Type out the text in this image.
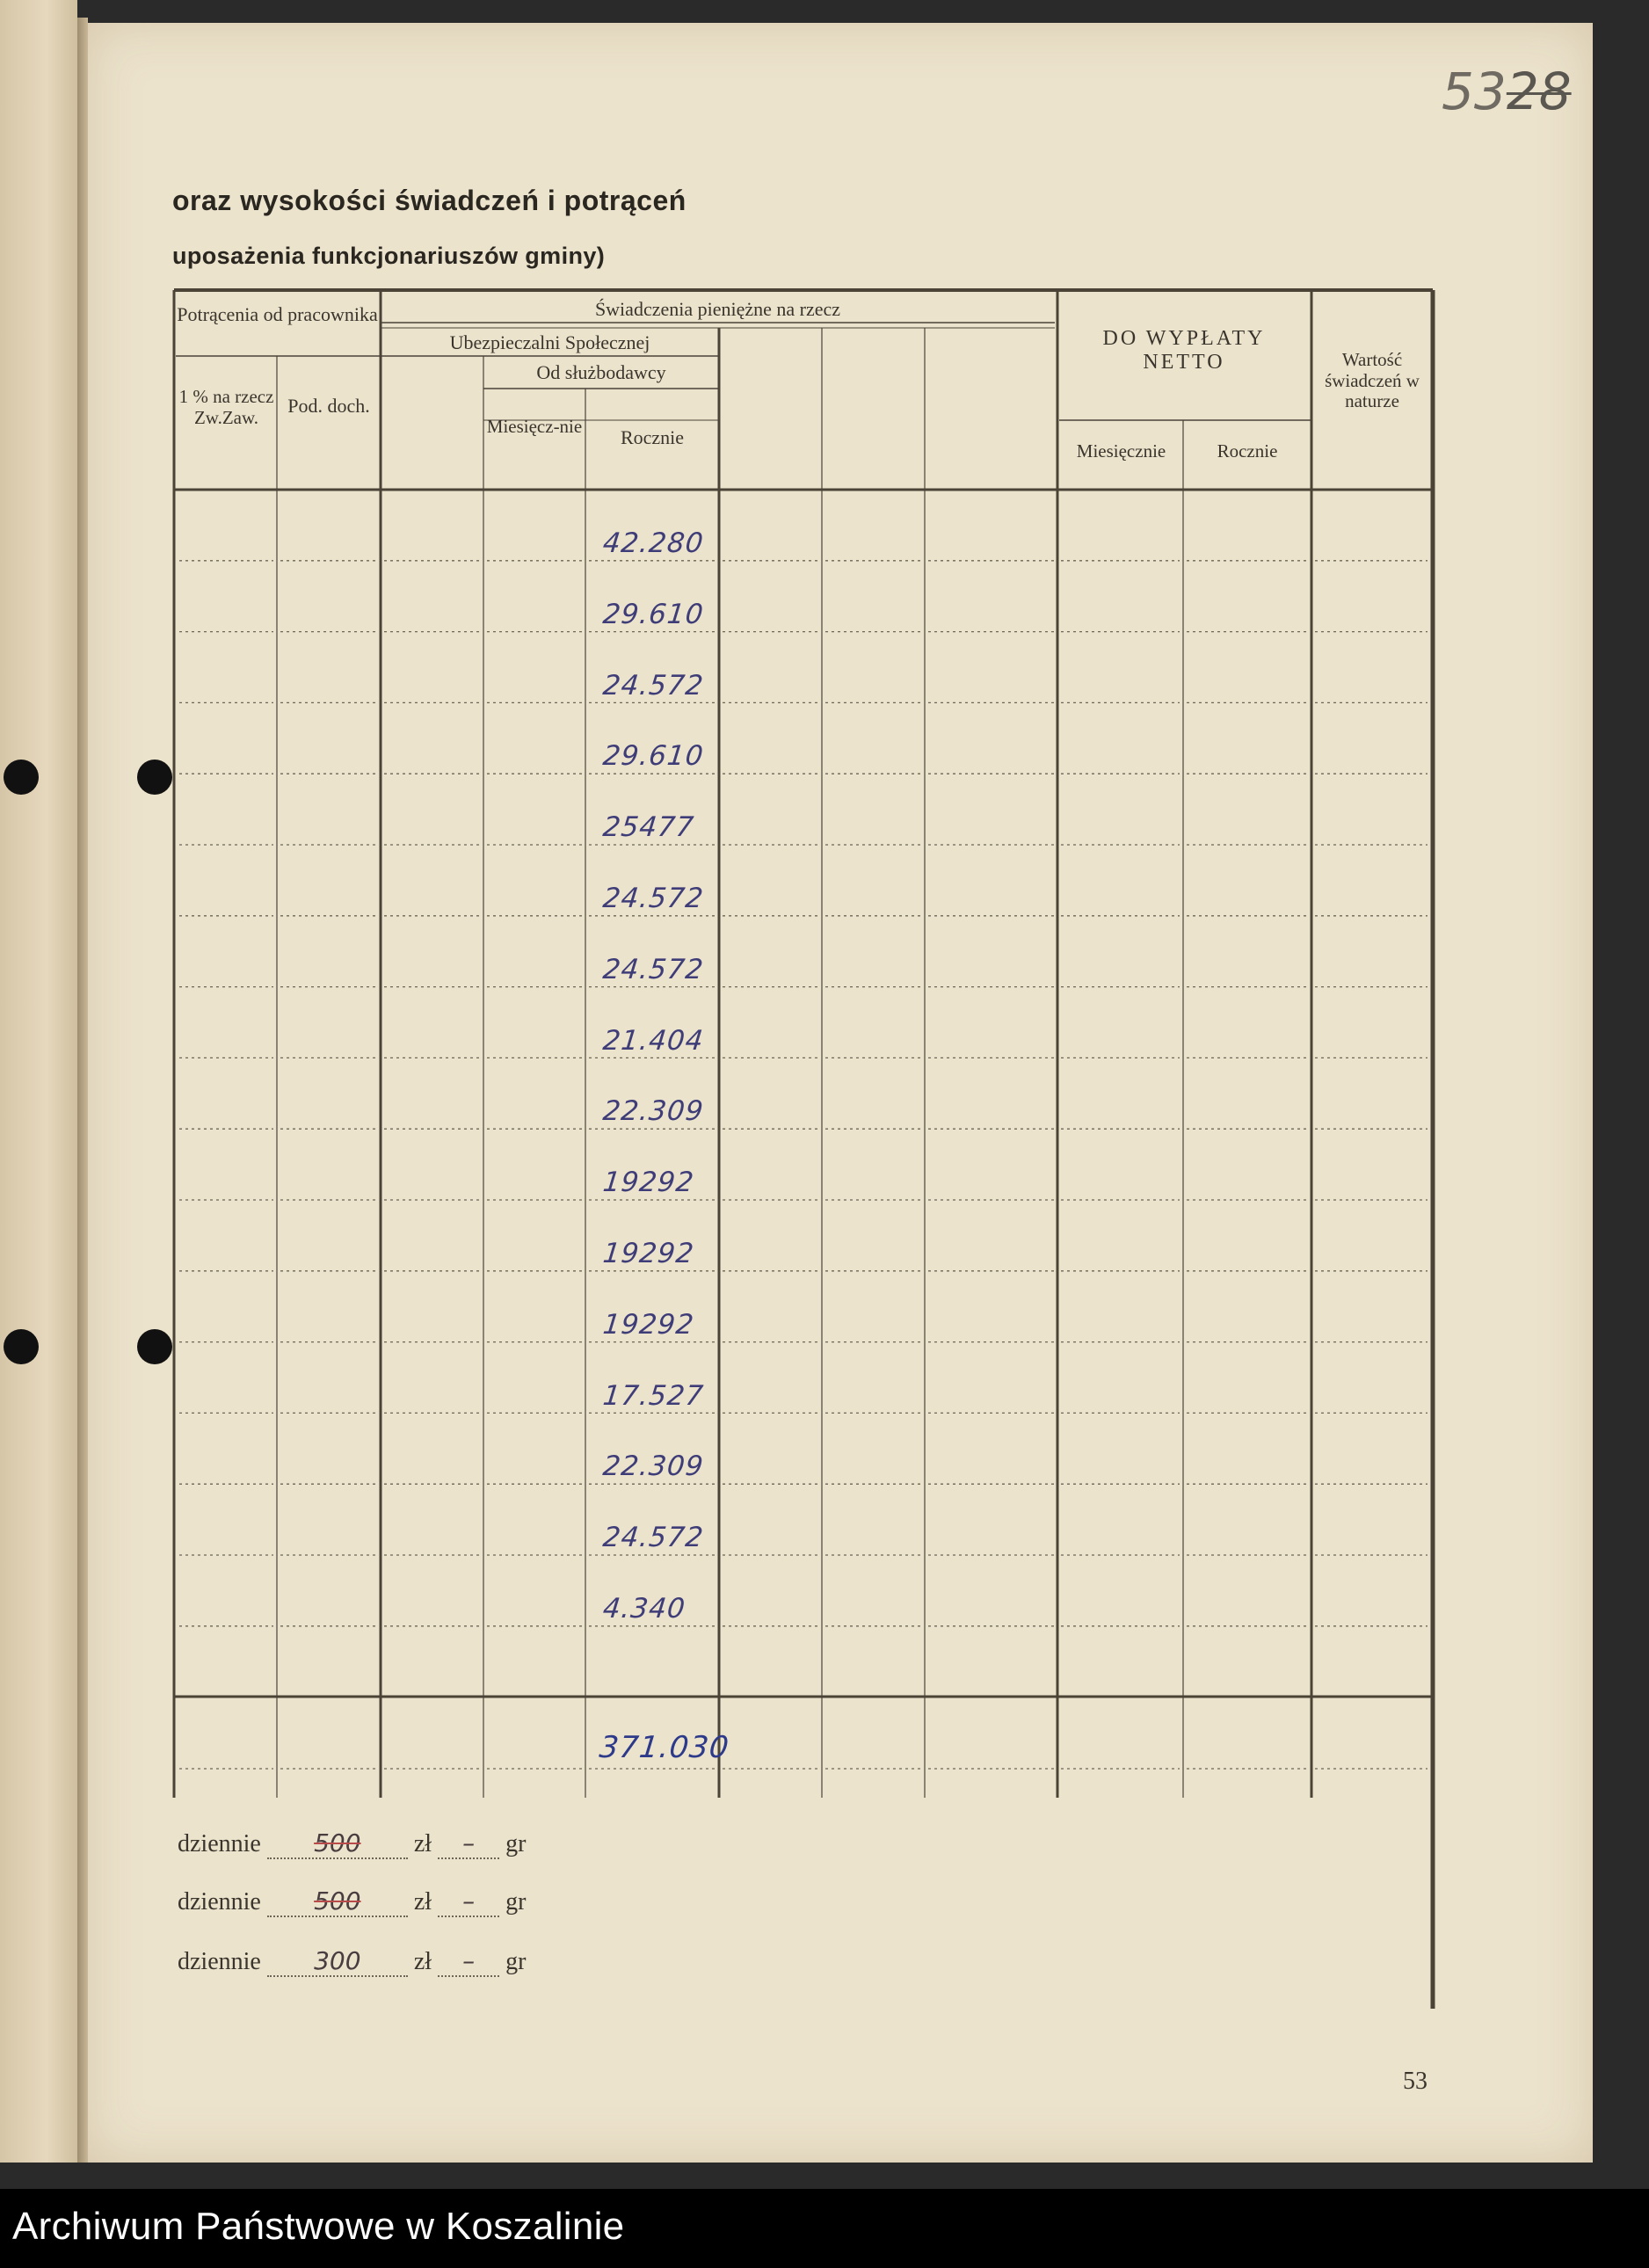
5328
oraz wysokości świadczeń i potrąceń
uposażenia funkcjonariuszów gminy)
Potrącenia od pracownika
1 % na rzecz Zw.Zaw.
Pod. doch.
Świadczenia pieniężne na rzecz
Ubezpieczalni Społecznej
Od służbodawcy
Miesięcz-nie	Rocznie
DO WYPŁATY NETTO
Miesięcznie	Rocznie
Wartość świadczeń w naturze
42.280
29.610
24.572
29.610
25477
24.572
24.572
21.404
22.309
19292
19292
19292
17.527
22.309
24.572
4.340
371.030
dziennie 500 zł – gr
dziennie 500 zł – gr
dziennie 300 zł – gr
53
Archiwum Państwowe w Koszalinie
